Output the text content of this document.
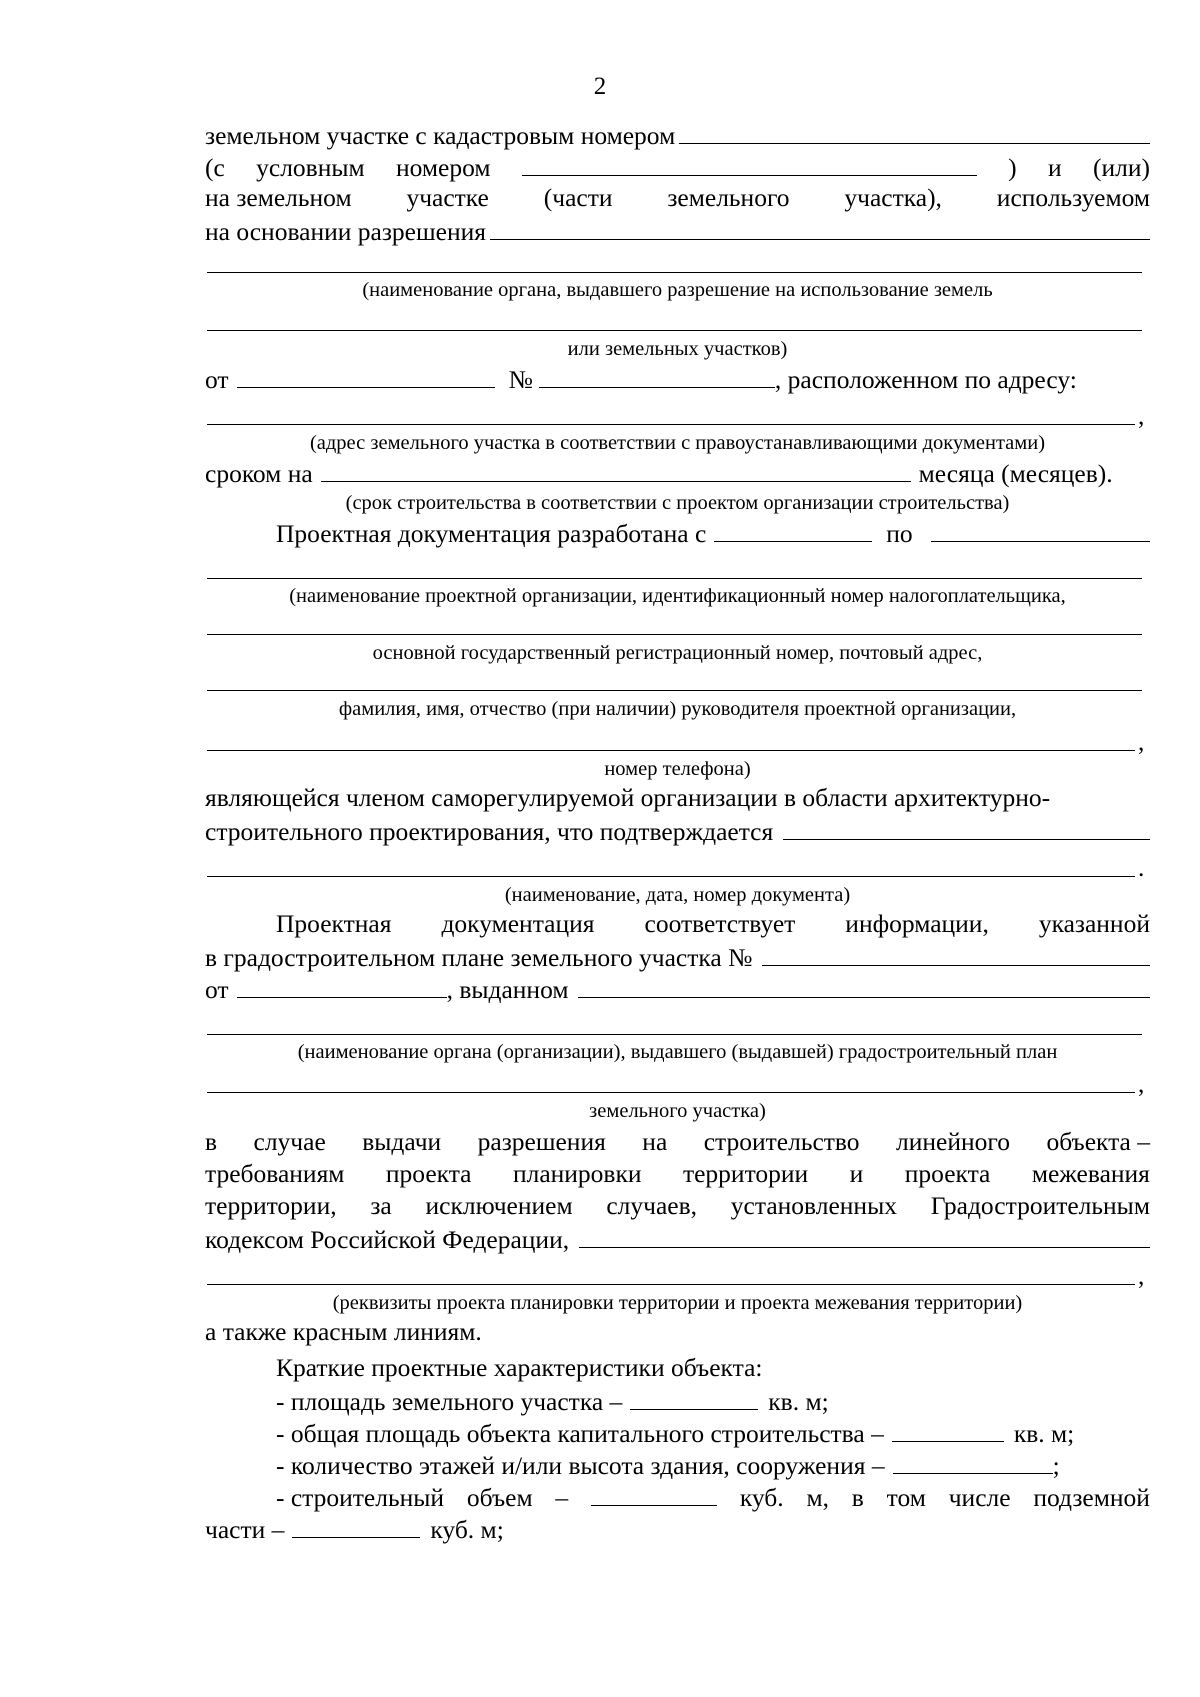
2
земельном участке с кадастровым номером
(с условным номером	) и (или)
на земельном участке (части земельного участка), используемом
на основании разрешения
(наименование органа, выдавшего разрешение на использование земель
или земельных участков)
от	№	, расположенном по адресу:
,
(адрес земельного участка в соответствии с правоустанавливающими документами)
сроком на	месяца (месяцев).
(срок строительства в соответствии с проектом организации строительства)
Проектная документация разработана с	по
(наименование проектной организации, идентификационный номер налогоплательщика,
основной государственный регистрационный номер, почтовый адрес,
фамилия, имя, отчество (при наличии) руководителя проектной организации,
,
номер телефона)
являющейся членом саморегулируемой организации в области архитектурно-
строительного проектирования, что подтверждается
.
(наименование, дата, номер документа)
Проектная документация соответствует информации, указанной
в градостроительном плане земельного участка №
от	, выданном
(наименование органа (организации), выдавшего (выдавшей) градостроительный план
,
земельного участка)
в случае выдачи разрешения на строительство линейного объекта –
требованиям проекта планировки территории и проекта межевания
территории, за исключением случаев, установленных Градостроительным
кодексом Российской Федерации,
,
(реквизиты проекта планировки территории и проекта межевания территории)
а также красным линиям.
Краткие проектные характеристики объекта:
- площадь земельного участка –	кв. м;
- общая площадь объекта капитального строительства –	кв. м;
- количество этажей и/или высота здания, сооружения –	;
- строительный объем –	куб. м, в том числе подземной
части –	куб. м;
